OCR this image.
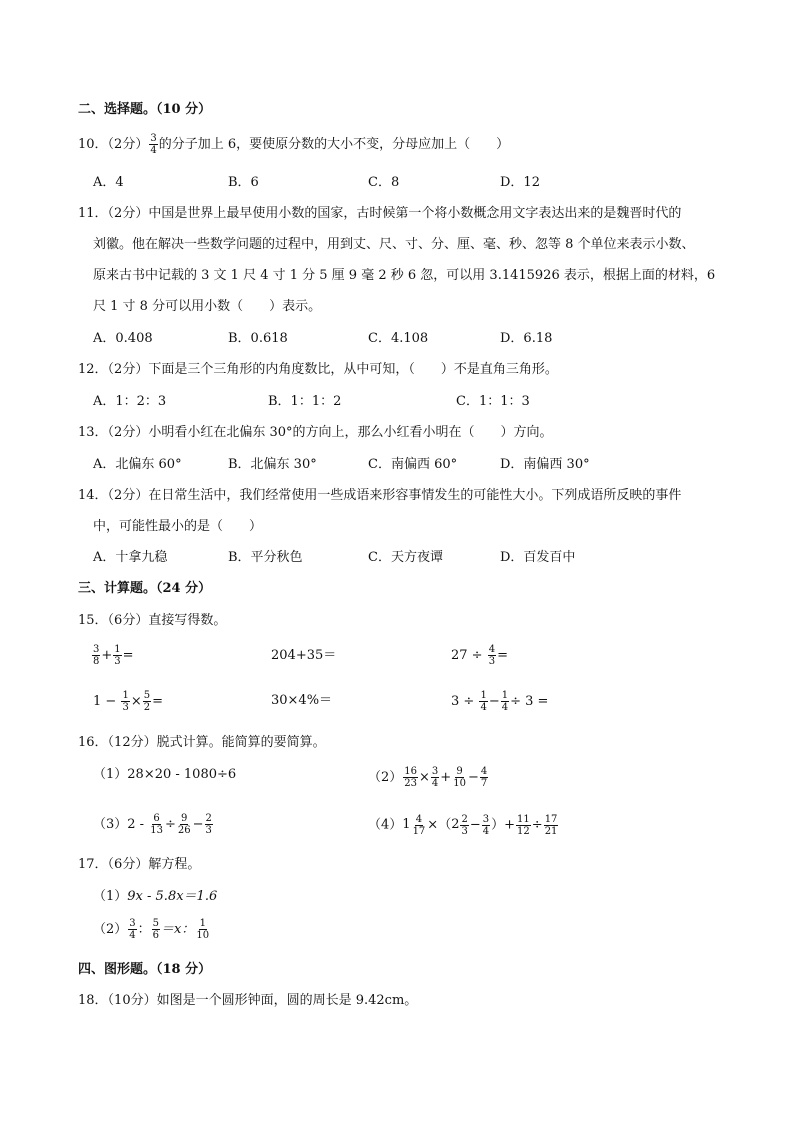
二、选择题。（10 分）
10．（2分） $\frac{3}{4}$ 的分子加上 6，要使原分数的大小不变，分母应加上（　　）
A．4	B．6	C．8	D．12
11．（2分）中国是世界上最早使用小数的国家，古时候第一个将小数概念用文字表达出来的是魏晋时代的
刘徽。他在解决一些数学问题的过程中，用到丈、尺、寸、分、厘、毫、秒、忽等 8 个单位来表示小数、
原来古书中记载的 3 文 1 尺 4 寸 1 分 5 厘 9 毫 2 秒 6 忽，可以用 3.1415926 表示，根据上面的材料，6
尺 1 寸 8 分可以用小数（　　）表示。
A．0.408	B．0.618	C．4.108	D．6.18
12．（2分）下面是三个三角形的内角度数比，从中可知，（　　）不是直角三角形。
A．1：2：3	B．1：1：2	C．1：1：3
13．（2分）小明看小红在北偏东 30°的方向上，那么小红看小明在（　　）方向。
A．北偏东 60°	B．北偏东 30°	C．南偏西 60°	D．南偏西 30°
14．（2分）在日常生活中，我们经常使用一些成语来形容事情发生的可能性大小。下列成语所反映的事件
中，可能性最小的是（　　）
A．十拿九稳	B．平分秋色	C．天方夜谭	D．百发百中
三、计算题。（24 分）
15．（6分）直接写得数。
$\frac{3}{8} + \frac{1}{3}$ =	204+35＝	$27 \div \frac{4}{3}$ =
$1 - \frac{1}{3} \times \frac{5}{2}$ =	30×4%＝	$3 \div \frac{1}{4} - \frac{1}{4} \div 3$ =
16．（12分）脱式计算。能简算的要简算。
（1）28×20 - 1080÷6	$(2) \frac{16}{23} \times \frac{3}{4} + \frac{9}{10} - \frac{4}{7}$
$(3)2 - \frac{6}{13} \div \frac{9}{26} - \frac{2}{3}$	（4） $1 \frac{4}{17}$ ×（ $2 \frac{2}{3} - \frac{3}{4}$ ）+ $\frac{11}{12} \div \frac{17}{21}$
17．（6分）解方程。
（1）9x - 5.8x＝1.6
$(2) \frac{3}{4}$ ： $\frac{5}{6} =x$： $\frac{1}{10}$
四、图形题。（18 分）
18．（10分）如图是一个圆形钟面，圆的周长是 9.42cm。
